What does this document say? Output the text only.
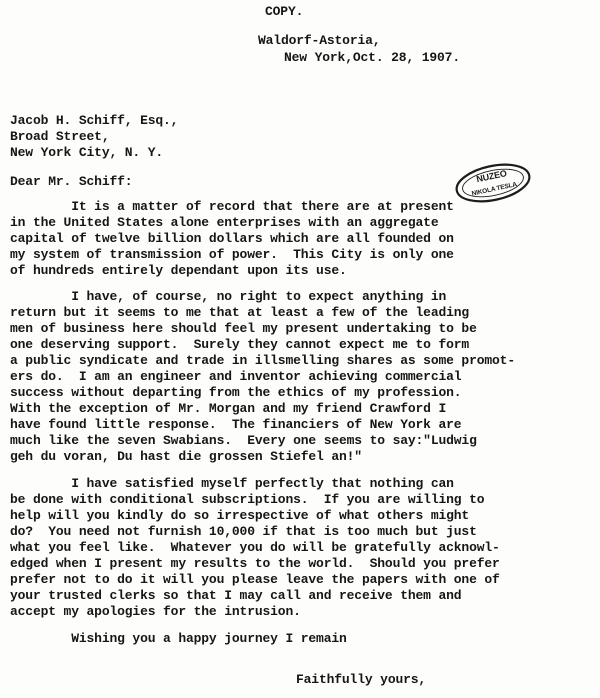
COPY.
Waldorf-Astoria,
New York,Oct. 28, 1907.
Jacob H. Schiff, Esq.,
Broad Street,
New York City, N. Y.
Dear Mr. Schiff:	NUZEO
NIKOLA TESLA
It is a matter of record that there are at present
in the United States alone enterprises with an aggregate
capital of twelve billion dollars which are all founded on
my system of transmission of power.  This City is only one
of hundreds entirely dependant upon its use.
I have, of course, no right to expect anything in
return but it seems to me that at least a few of the leading
men of business here should feel my present undertaking to be
one deserving support.  Surely they cannot expect me to form
a public syndicate and trade in illsmelling shares as some promot-
ers do.  I am an engineer and inventor achieving commercial
success without departing from the ethics of my profession.
With the exception of Mr. Morgan and my friend Crawford I
have found little response.  The financiers of New York are
much like the seven Swabians.  Every one seems to say:"Ludwig
geh du voran, Du hast die grossen Stiefel an!"
I have satisfied myself perfectly that nothing can
be done with conditional subscriptions.  If you are willing to
help will you kindly do so irrespective of what others might
do?  You need not furnish 10,000 if that is too much but just
what you feel like.  Whatever you do will be gratefully acknowl-
edged when I present my results to the world.  Should you prefer
prefer not to do it will you please leave the papers with one of
your trusted clerks so that I may call and receive them and
accept my apologies for the intrusion.
Wishing you a happy journey I remain
Faithfully yours,
